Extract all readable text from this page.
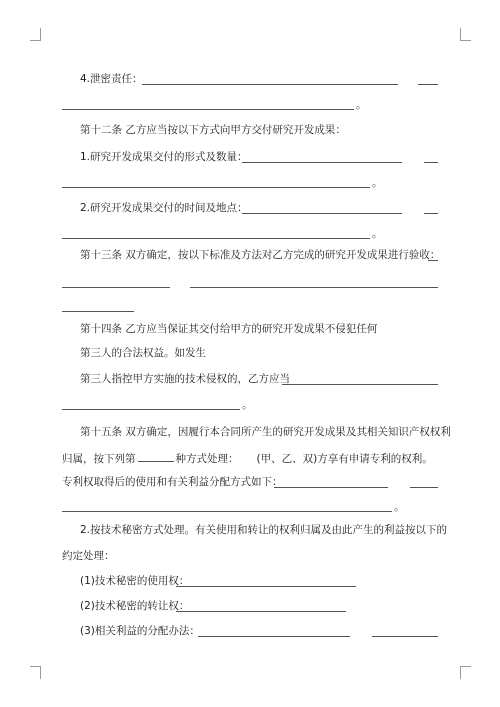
4.泄密责任：
。
第十二条 乙方应当按以下方式向甲方交付研究开发成果：
1.研究开发成果交付的形式及数量：
。
2.研究开发成果交付的时间及地点：
。
第十三条 双方确定，按以下标准及方法对乙方完成的研究开发成果进行验收：
第十四条 乙方应当保证其交付给甲方的研究开发成果不侵犯任何
第三人的合法权益。如发生
第三人指控甲方实施的技术侵权的，乙方应当
。
第十五条 双方确定，因履行本合同所产生的研究开发成果及其相关知识产权权利
归属，按下列第	种方式处理： (甲、乙、双)方享有申请专利的权利。
专利权取得后的使用和有关利益分配方式如下：
。
2.按技术秘密方式处理。有关使用和转让的权利归属及由此产生的利益按以下的
约定处理：
(1)技术秘密的使用权：
(2)技术秘密的转让权：
(3)相关利益的分配办法：
